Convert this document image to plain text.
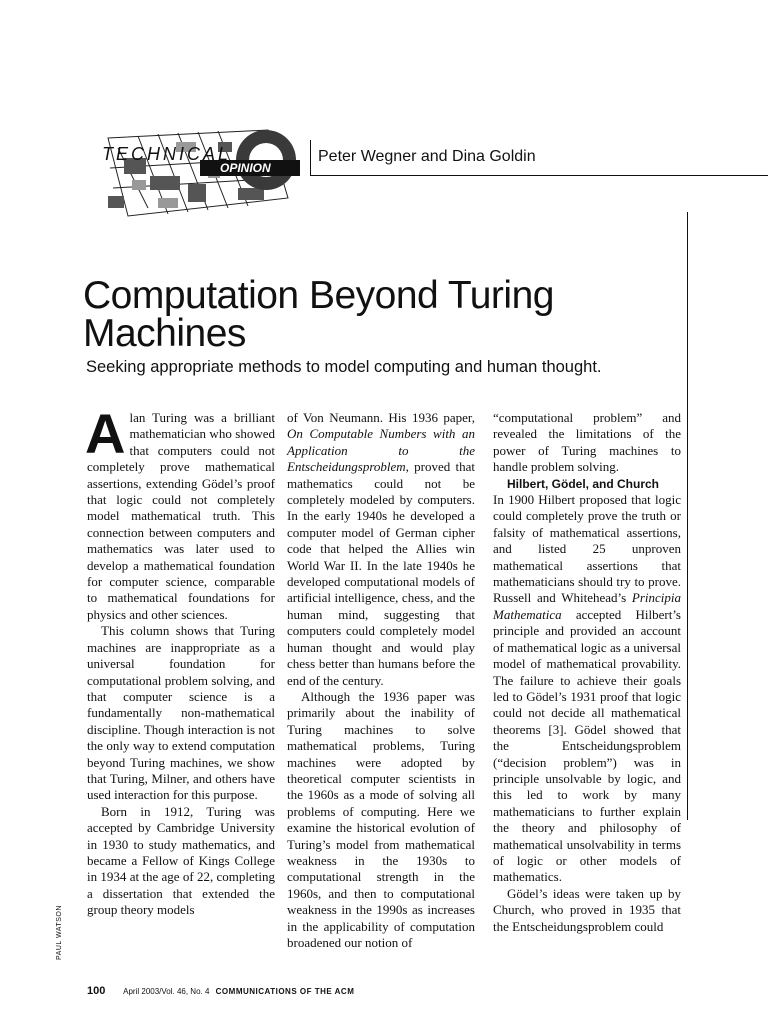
TECHNICAL
OPINION
Peter Wegner and Dina Goldin
Computation Beyond Turing Machines
Seeking appropriate methods to model computing and human thought.

Alan Turing was a brilliant mathematician who showed that computers could not completely prove mathematical assertions, extending Gödel’s proof that logic could not completely model mathematical truth. This connection between computers and mathematics was later used to develop a mathematical foundation for computer science, comparable to mathematical foundations for physics and other sciences.

This column shows that Turing machines are inappropriate as a universal foundation for computational problem solving, and that computer science is a fundamentally non-mathematical discipline. Though interaction is not the only way to extend computation beyond Turing machines, we show that Turing, Milner, and others have used interaction for this purpose.

Born in 1912, Turing was accepted by Cambridge University in 1930 to study mathematics, and became a Fellow of Kings College in 1934 at the age of 22, completing a dissertation that extended the group theory models

of Von Neumann. His 1936 paper, On Computable Numbers with an Application to the Entscheidungsproblem, proved that mathematics could not be completely modeled by computers. In the early 1940s he developed a computer model of German cipher code that helped the Allies win World War II. In the late 1940s he developed computational models of artificial intelligence, chess, and the human mind, suggesting that computers could completely model human thought and would play chess better than humans before the end of the century.

Although the 1936 paper was primarily about the inability of Turing machines to solve mathematical problems, Turing machines were adopted by theoretical computer scientists in the 1960s as a mode of solving all problems of computing. Here we examine the historical evolution of Turing’s model from mathematical weakness in the 1930s to computational strength in the 1960s, and then to computational weakness in the 1990s as increases in the applicability of computation broadened our notion of

“computational problem” and revealed the limitations of the power of Turing machines to handle problem solving.

Hilbert, Gödel, and Church

In 1900 Hilbert proposed that logic could completely prove the truth or falsity of mathematical assertions, and listed 25 unproven mathematical assertions that mathematicians should try to prove. Russell and Whitehead’s Principia Mathematica accepted Hilbert’s principle and provided an account of mathematical logic as a universal model of mathematical provability. The failure to achieve their goals led to Gödel’s 1931 proof that logic could not decide all mathematical theorems [3]. Gödel showed that the Entscheidungsproblem (“decision problem”) was in principle unsolvable by logic, and this led to work by many mathematicians to further explain the theory and philosophy of mathematical unsolvability in terms of logic or other models of mathematics.

Gödel’s ideas were taken up by Church, who proved in 1935 that the Entscheidungsproblem could

PAUL WATSON
100 April 2003/Vol. 46, No. 4 COMMUNICATIONS OF THE ACM
